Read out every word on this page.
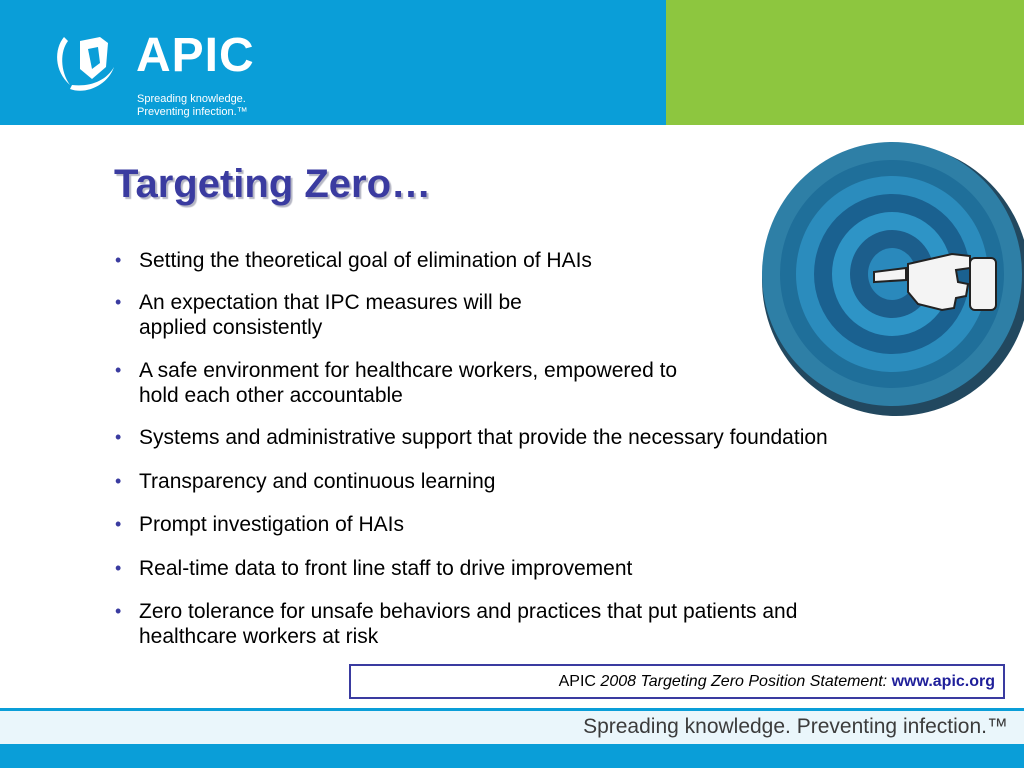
APIC
Spreading knowledge.
Preventing infection.™
Targeting Zero…
• Setting the theoretical goal of elimination of HAIs
• An expectation that IPC measures will be
applied consistently
• A safe environment for healthcare workers, empowered to
hold each other accountable
• Systems and administrative support that provide the necessary foundation
• Transparency and continuous learning
• Prompt investigation of HAIs
• Real-time data to front line staff to drive improvement
• Zero tolerance for unsafe behaviors and practices that put patients and
healthcare workers at risk
APIC 2008 Targeting Zero Position Statement: www.apic.org
Spreading knowledge. Preventing infection.™
